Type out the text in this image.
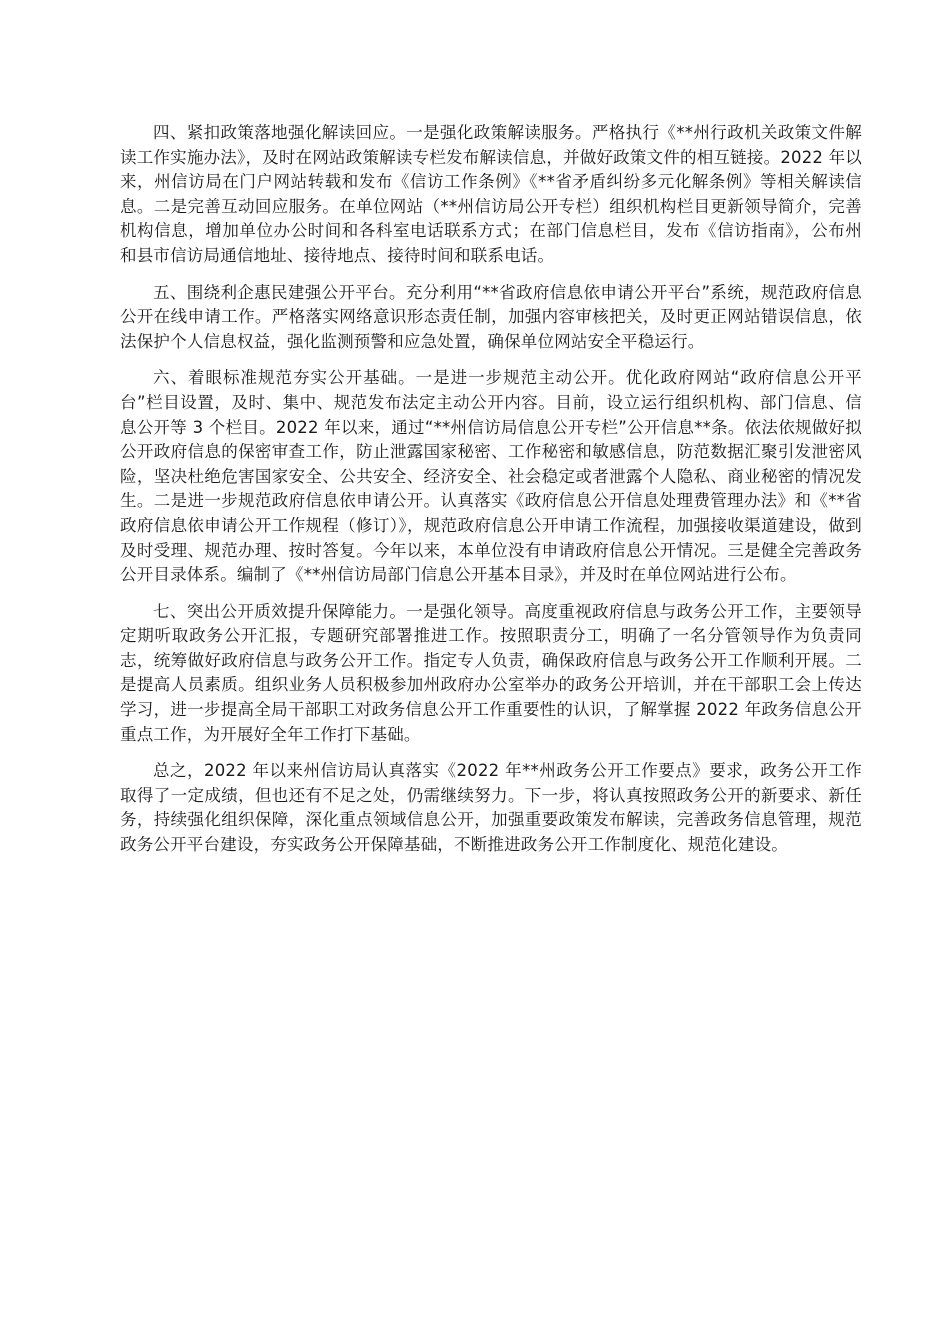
四、紧扣政策落地强化解读回应。一是强化政策解读服务。严格执行《**州行政机关政策文件解读工作实施办法》，及时在网站政策解读专栏发布解读信息，并做好政策文件的相互链接。2022 年以来，州信访局在门户网站转载和发布《信访工作条例》《**省矛盾纠纷多元化解条例》等相关解读信息。二是完善互动回应服务。在单位网站（**州信访局公开专栏）组织机构栏目更新领导简介，完善机构信息，增加单位办公时间和各科室电话联系方式；在部门信息栏目，发布《信访指南》，公布州和县市信访局通信地址、接待地点、接待时间和联系电话。

五、围绕利企惠民建强公开平台。充分利用“**省政府信息依申请公开平台”系统，规范政府信息公开在线申请工作。严格落实网络意识形态责任制，加强内容审核把关，及时更正网站错误信息，依法保护个人信息权益，强化监测预警和应急处置，确保单位网站安全平稳运行。

六、着眼标准规范夯实公开基础。一是进一步规范主动公开。优化政府网站“政府信息公开平台”栏目设置，及时、集中、规范发布法定主动公开内容。目前，设立运行组织机构、部门信息、信息公开等 3 个栏目。2022 年以来，通过“**州信访局信息公开专栏”公开信息**条。依法依规做好拟公开政府信息的保密审查工作，防止泄露国家秘密、工作秘密和敏感信息，防范数据汇聚引发泄密风险，坚决杜绝危害国家安全、公共安全、经济安全、社会稳定或者泄露个人隐私、商业秘密的情况发生。二是进一步规范政府信息依申请公开。认真落实《政府信息公开信息处理费管理办法》和《**省政府信息依申请公开工作规程（修订）》，规范政府信息公开申请工作流程，加强接收渠道建设，做到及时受理、规范办理、按时答复。今年以来，本单位没有申请政府信息公开情况。三是健全完善政务公开目录体系。编制了《**州信访局部门信息公开基本目录》，并及时在单位网站进行公布。

七、突出公开质效提升保障能力。一是强化领导。高度重视政府信息与政务公开工作，主要领导定期听取政务公开汇报，专题研究部署推进工作。按照职责分工，明确了一名分管领导作为负责同志，统筹做好政府信息与政务公开工作。指定专人负责，确保政府信息与政务公开工作顺利开展。二是提高人员素质。组织业务人员积极参加州政府办公室举办的政务公开培训，并在干部职工会上传达学习，进一步提高全局干部职工对政务信息公开工作重要性的认识，了解掌握 2022 年政务信息公开重点工作，为开展好全年工作打下基础。

总之，2022 年以来州信访局认真落实《2022 年**州政务公开工作要点》要求，政务公开工作取得了一定成绩，但也还有不足之处，仍需继续努力。下一步，将认真按照政务公开的新要求、新任务，持续强化组织保障，深化重点领域信息公开，加强重要政策发布解读，完善政务信息管理，规范政务公开平台建设，夯实政务公开保障基础，不断推进政务公开工作制度化、规范化建设。
